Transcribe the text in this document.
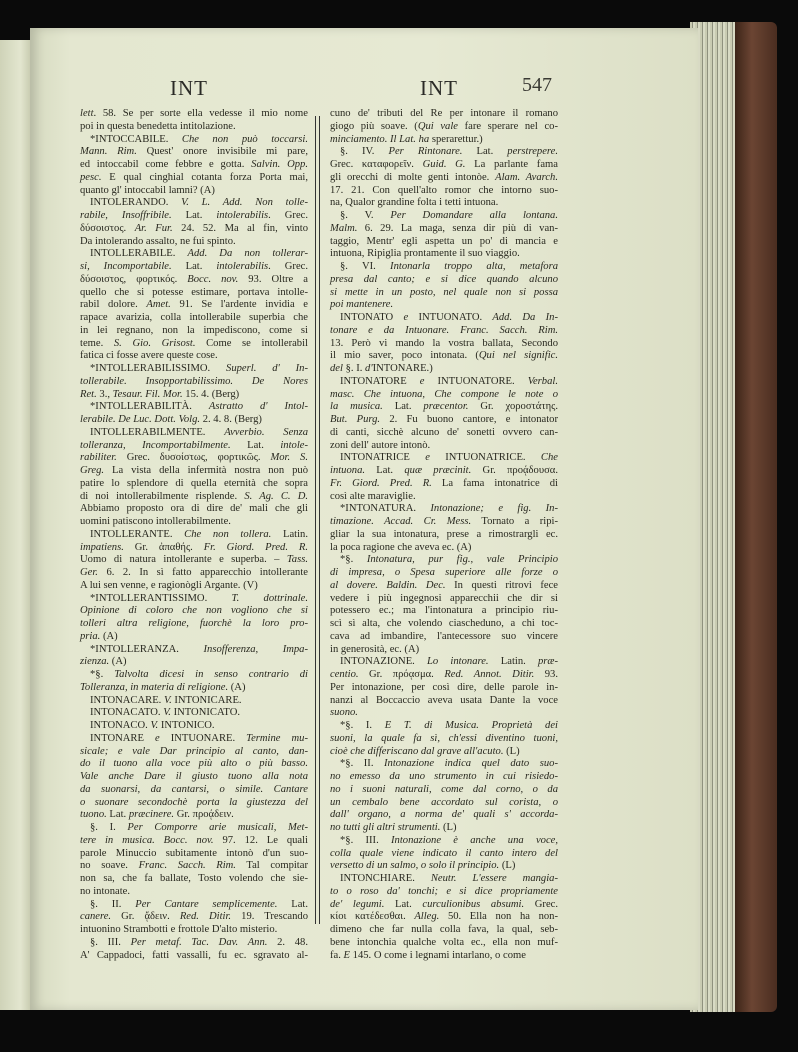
INT	INT	547
lett. 58. Se per sorte ella vedesse il mio nome
poi in questa benedetta intitolazione.
*INTOCCABILE. Che non può toccarsi.
Mann. Rim. Quest' onore invisibile mi pare,
ed intoccabil come febbre e gotta. Salvin. Opp.
pesc. E qual cinghial cotanta forza Porta mai,
quanto gl' intoccabil lamni? (A)
INTOLERANDO. V. L. Add. Non tolle-
rabile, Insoffribile. Lat. intolerabilis. Grec.
δύσοιστος. Ar. Fur. 24. 52. Ma al fin, vinto
Da intolerando assalto, ne fui spinto.
INTOLLERABILE. Add. Da non tollerar-
si, Incomportabile. Lat. intolerabilis. Grec.
δύσοιστος, φορτικός. Bocc. nov. 93. Oltre a
quello che si potesse estimare, portava intolle-
rabil dolore. Amet. 91. Se l'ardente invidia e
rapace avarizia, colla intollerabile superbia che
in lei regnano, non la impediscono, come si
teme. S. Gio. Grisost. Come se intollerabil
fatica ci fosse avere queste cose.
*INTOLLERABILISSIMO. Superl. d' In-
tollerabile. Insopportabilissimo. De Nores
Ret. 3., Tesaur. Fil. Mor. 15. 4. (Berg)
*INTOLLERABILITÀ. Astratto d' Intol-
lerabile. De Luc. Dott. Volg. 2. 4. 8. (Berg)
INTOLLERABILMENTE. Avverbio. Senza
tolleranza, Incomportabilmente. Lat. intole-
rabiliter. Grec. δυσοίστως, φορτικῶς. Mor. S.
Greg. La vista della infermità nostra non può
patire lo splendore di quella eternità che sopra
di noi intollerabilmente risplende. S. Ag. C. D.
Abbiamo proposto ora di dire de' mali che gli
uomini patiscono intollerabilmente.
INTOLLERANTE. Che non tollera. Latin.
impatiens. Gr. ἀπαθής. Fr. Giord. Pred. R.
Uomo di natura intollerante e superba. – Tass.
Ger. 6. 2. In sì fatto apparecchio intollerante
A lui sen venne, e ragionògli Argante. (V)
*INTOLLERANTISSIMO. T. dottrinale.
Opinione di coloro che non vogliono che si
tolleri altra religione, fuorchè la loro pro-
pria. (A)
*INTOLLERANZA. Insofferenza, Impa-
zienza. (A)
*§. Talvolta dicesi in senso contrario di
Tolleranza, in materia di religione. (A)
INTONACARE. V. INTONICARE.
INTONACATO. V. INTONICATO.
INTONACO. V. INTONICO.
INTONARE e INTUONARE. Termine mu-
sicale; e vale Dar principio al canto, dan-
do il tuono alla voce più alto o più basso.
Vale anche Dare il giusto tuono alla nota
da suonarsi, da cantarsi, o simile. Cantare
o suonare secondochè porta la giustezza del
tuono. Lat. præcinere. Gr. προᾴδειν.
§. I. Per Comporre arie musicali, Met-
tere in musica. Bocc. nov. 97. 12. Le quali
parole Minuccio subitamente intonò d'un suo-
no soave. Franc. Sacch. Rim. Tal compitar
non sa, che fa ballate, Tosto volendo che sie-
no intonate.
§. II. Per Cantare semplicemente. Lat.
canere. Gr. ᾄδειν. Red. Ditir. 19. Trescando
intuonino Strambotti e frottole D'alto misterio.
§. III. Per metaf. Tac. Dav. Ann. 2. 48.
A' Cappadoci, fatti vassalli, fu ec. sgravato al-
cuno de' tributi del Re per intonare il romano
giogo più soave. (Qui vale fare sperare nel co-
minciamento. Il Lat. ha sperarettur.)
§. IV. Per Rintonare. Lat. perstrepere.
Grec. καταφορεῖν. Guid. G. La parlante fama
gli orecchi di molte genti intonòe. Alam. Avarch.
17. 21. Con quell'alto romor che intorno suo-
na, Qualor grandine folta i tetti intuona.
§. V. Per Domandare alla lontana.
Malm. 6. 29. La maga, senza dir più di van-
taggio, Mentr' egli aspetta un po' di mancia e
intuona, Ripiglia prontamente il suo viaggio.
§. VI. Intonarla troppo alta, metafora
presa dal canto; e si dice quando alcuno
si mette in un posto, nel quale non si possa
poi mantenere.
INTONATO e INTUONATO. Add. Da In-
tonare e da Intuonare. Franc. Sacch. Rim.
13. Però vi mando la vostra ballata, Secondo
il mio saver, poco intonata. (Qui nel signific.
del §. I. d'INTONARE.)
INTONATORE e INTUONATORE. Verbal.
masc. Che intuona, Che compone le note o
la musica. Lat. præcentor. Gr. χοροστάτης.
But. Purg. 2. Fu buono cantore, e intonator
di canti, sicchè alcuno de' sonetti ovvero can-
zoni dell' autore intonò.
INTONATRICE e INTUONATRICE. Che
intuona. Lat. quæ præcinit. Gr. προᾴδουσα.
Fr. Giord. Pred. R. La fama intonatrice di
così alte maraviglie.
*INTONATURA. Intonazione; e fig. In-
timazione. Accad. Cr. Mess. Tornato a ripi-
gliar la sua intonatura, prese a rimostrargli ec.
la poca ragione che aveva ec. (A)
*§. Intonatura, pur fig., vale Principio
di impresa, o Spesa superiore alle forze o
al dovere. Baldin. Dec. In questi ritrovi fece
vedere i più ingegnosi apparecchii che dir si
potessero ec.; ma l'intonatura a principio riu-
scì sì alta, che volendo ciascheduno, a chi toc-
cava ad imbandire, l'antecessore suo vincere
in generosità, ec. (A)
INTONAZIONE. Lo intonare. Latin. præ-
centio. Gr. πρόᾳσμα. Red. Annot. Ditir. 93.
Per intonazione, per così dire, delle parole in-
nanzi al Boccaccio aveva usata Dante la voce
suono.
*§. I. E T. di Musica. Proprietà dei
suoni, la quale fa sì, ch'essi diventino tuoni,
cioè che differiscano dal grave all'acuto. (L)
*§. II. Intonazione indica quel dato suo-
no emesso da uno strumento in cui risiedo-
no i suoni naturali, come dal corno, o da
un cembalo bene accordato sul corista, o
dall' organo, a norma de' quali s' accorda-
no tutti gli altri strumenti. (L)
*§. III. Intonazione è anche una voce,
colla quale viene indicato il canto intero del
versetto di un salmo, o solo il principio. (L)
INTONCHIARE. Neutr. L'essere mangia-
to o roso da' tonchi; e si dice propriamente
de' legumi. Lat. curculionibus absumi. Grec.
κίοι κατέδεσθαι. Alleg. 50. Ella non ha non-
dimeno che far nulla colla fava, la qual, seb-
bene intonchia qualche volta ec., ella non muf-
fa. E 145. O come i legnami intarlano, o come
